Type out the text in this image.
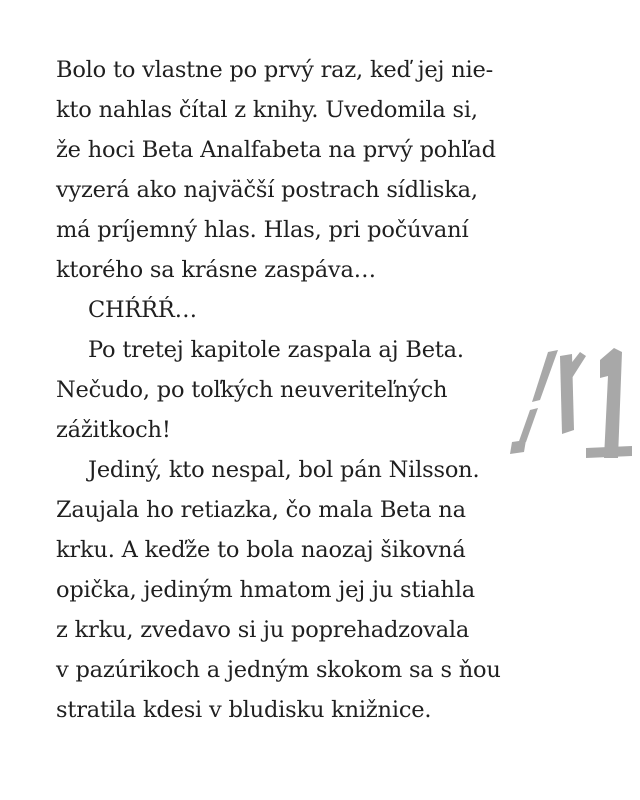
Bolo to vlastne po prvý raz, keď jej nie-
kto nahlas čítal z knihy. Uvedomila si,
že hoci Beta Analfabeta na prvý pohľad
vyzerá ako najväčší postrach sídliska,
má príjemný hlas. Hlas, pri počúvaní
ktorého sa krásne zaspáva…
CHŔŔŔ…
Po tretej kapitole zaspala aj Beta.
Nečudo, po toľkých neuveriteľných
zážitkoch!
Jediný, kto nespal, bol pán Nilsson.
Zaujala ho retiazka, čo mala Beta na
krku. A keďže to bola naozaj šikovná
opička, jediným hmatom jej ju stiahla
z krku, zvedavo si ju poprehadzovala
v pazúrikoch a jedným skokom sa s ňou
stratila kdesi v bludisku knižnice.
